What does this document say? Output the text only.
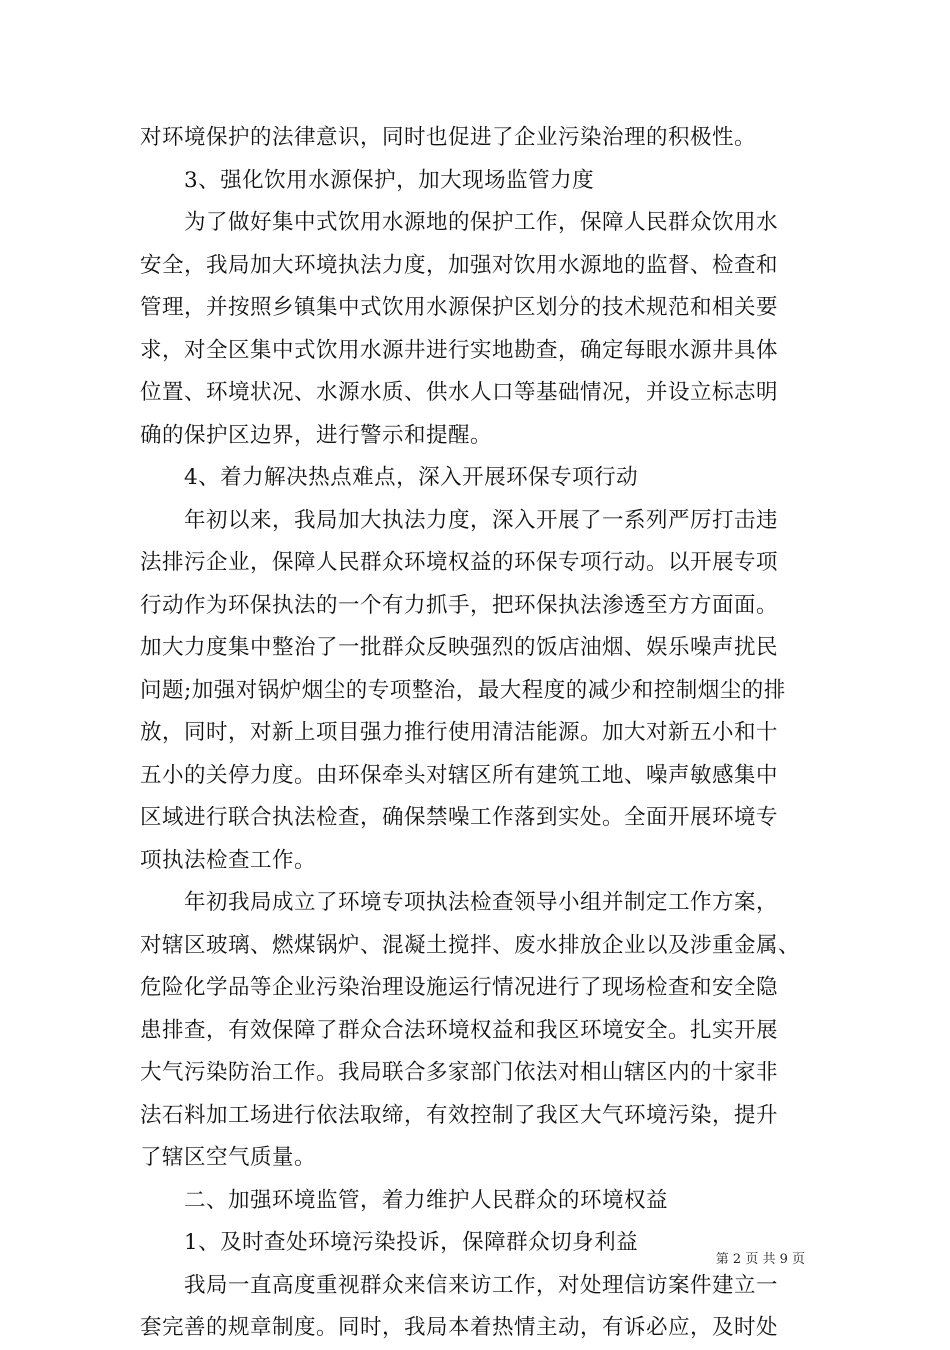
对环境保护的法律意识，同时也促进了企业污染治理的积极性。
3、强化饮用水源保护，加大现场监管力度
为了做好集中式饮用水源地的保护工作，保障人民群众饮用水
安全，我局加大环境执法力度，加强对饮用水源地的监督、检查和
管理，并按照乡镇集中式饮用水源保护区划分的技术规范和相关要
求，对全区集中式饮用水源井进行实地勘查，确定每眼水源井具体
位置、环境状况、水源水质、供水人口等基础情况，并设立标志明
确的保护区边界，进行警示和提醒。
4、着力解决热点难点，深入开展环保专项行动
年初以来，我局加大执法力度，深入开展了一系列严厉打击违
法排污企业，保障人民群众环境权益的环保专项行动。以开展专项
行动作为环保执法的一个有力抓手，把环保执法渗透至方方面面。
加大力度集中整治了一批群众反映强烈的饭店油烟、娱乐噪声扰民
问题;加强对锅炉烟尘的专项整治，最大程度的减少和控制烟尘的排
放，同时，对新上项目强力推行使用清洁能源。加大对新五小和十
五小的关停力度。由环保牵头对辖区所有建筑工地、噪声敏感集中
区域进行联合执法检查，确保禁噪工作落到实处。全面开展环境专
项执法检查工作。
年初我局成立了环境专项执法检查领导小组并制定工作方案，
对辖区玻璃、燃煤锅炉、混凝土搅拌、废水排放企业以及涉重金属、
危险化学品等企业污染治理设施运行情况进行了现场检查和安全隐
患排查，有效保障了群众合法环境权益和我区环境安全。扎实开展
大气污染防治工作。我局联合多家部门依法对相山辖区内的十家非
法石料加工场进行依法取缔，有效控制了我区大气环境污染，提升
了辖区空气质量。
二、加强环境监管，着力维护人民群众的环境权益
1、及时查处环境污染投诉，保障群众切身利益
我局一直高度重视群众来信来访工作，对处理信访案件建立一
套完善的规章制度。同时，我局本着热情主动，有诉必应，及时处
第 2 页 共 9 页
